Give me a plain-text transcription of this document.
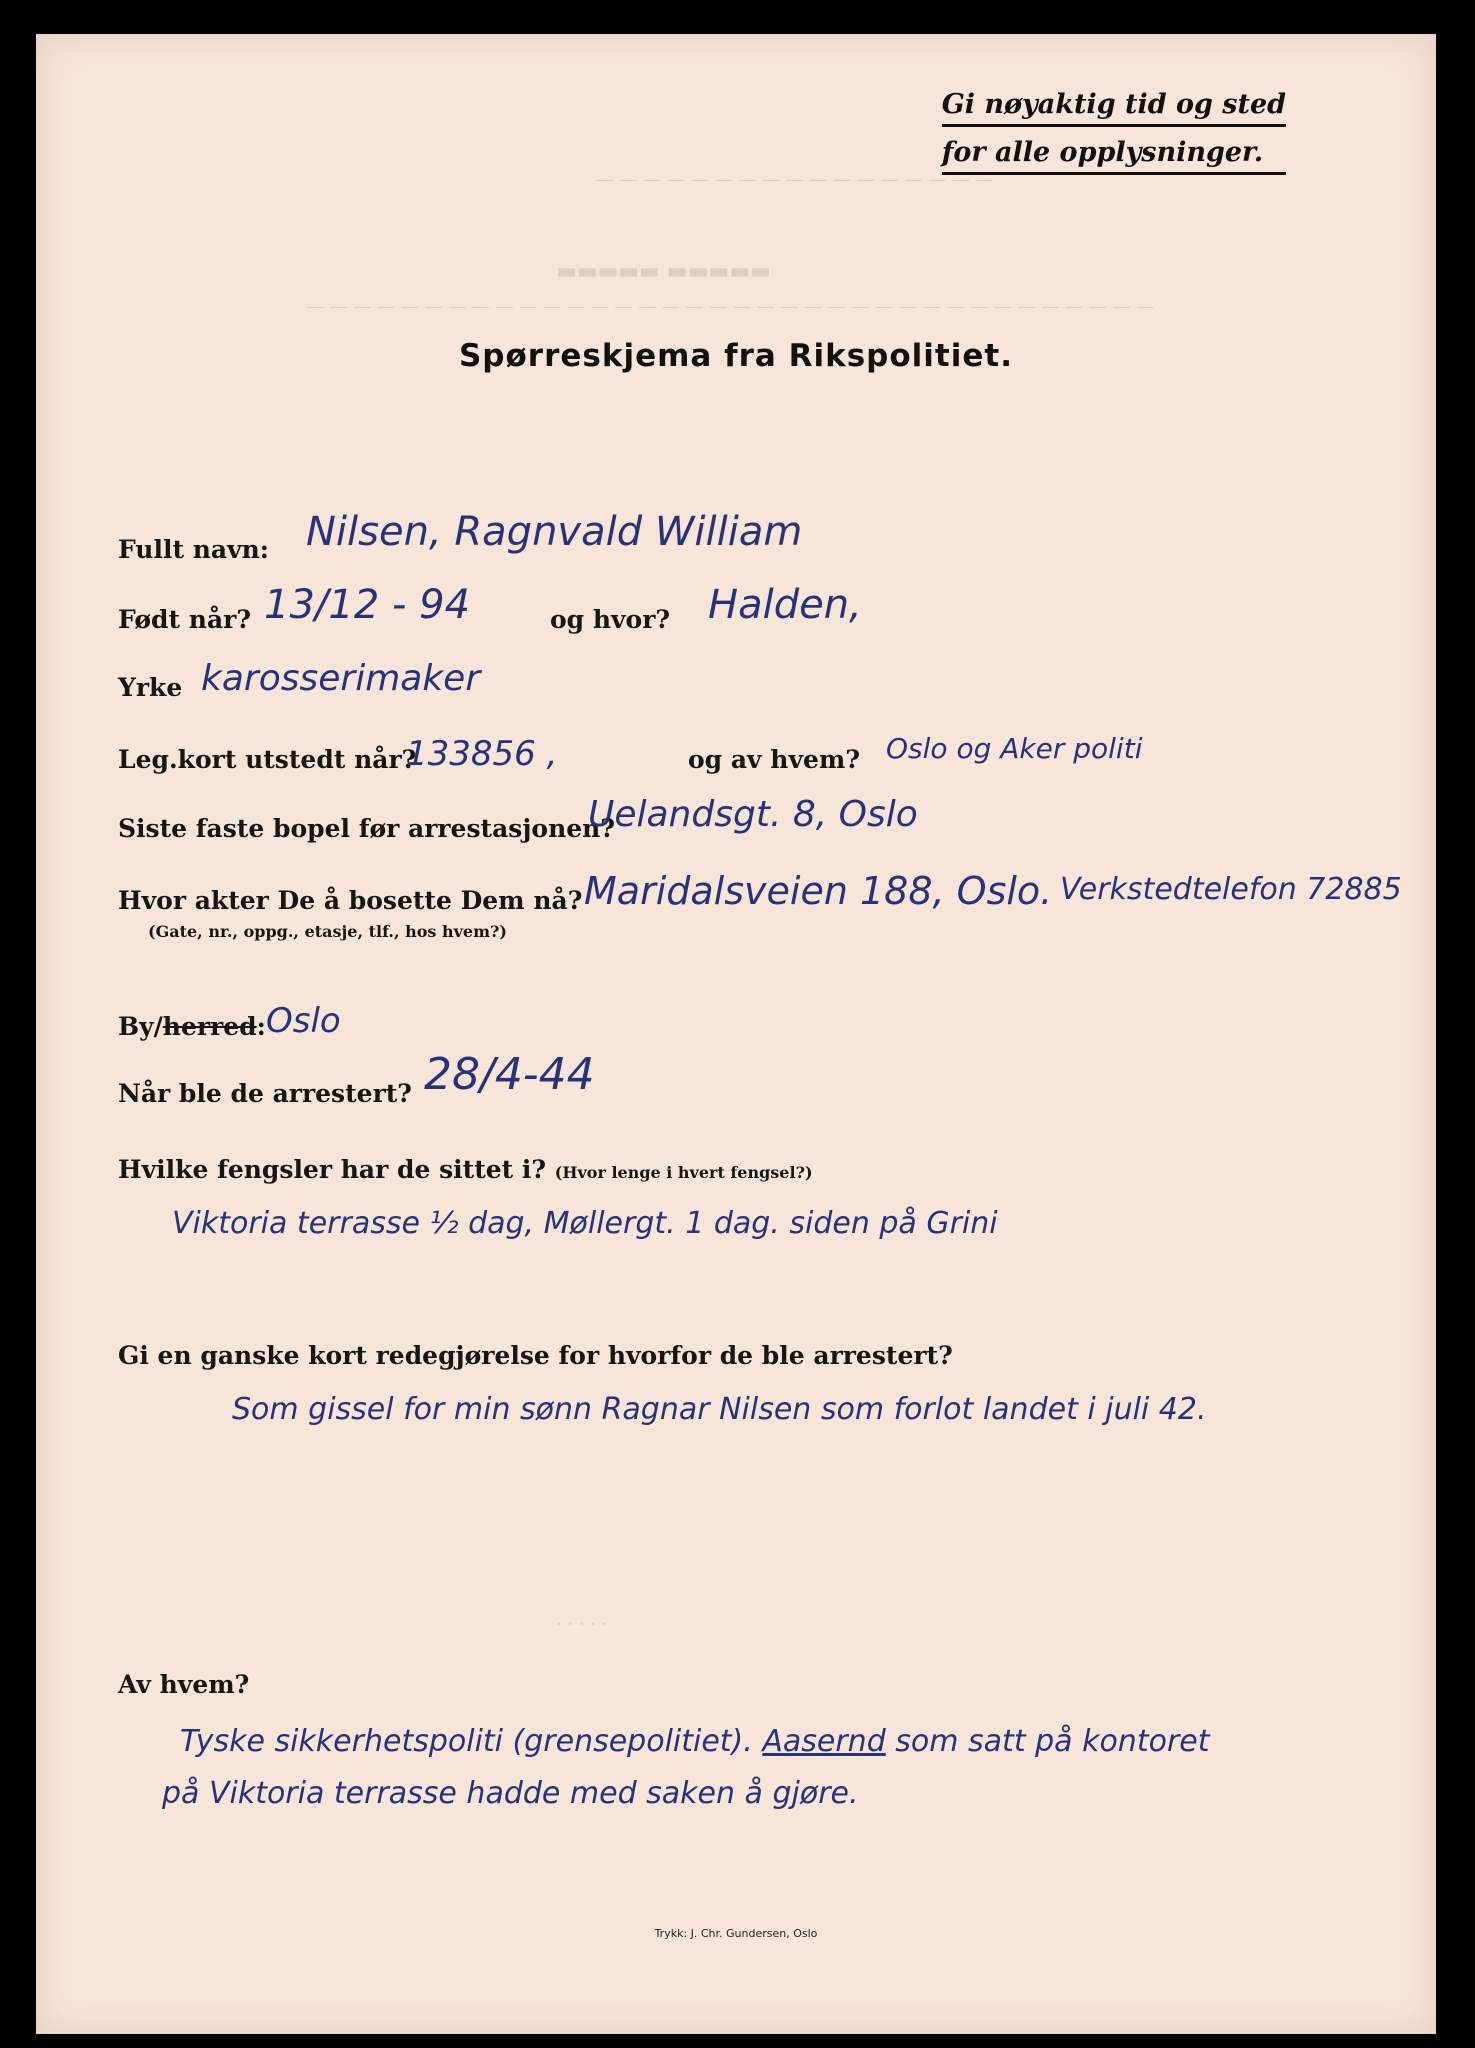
— — — — — — — — — — — — — — — — —
▬▬▬▬▬ ▬▬▬▬▬
— — — — — — — — — — — — — — — — — — — — — — — — — — — — — — — — — — — —
Gi nøyaktig tid og sted
for alle opplysninger.
Spørreskjema fra Rikspolitiet.
Fullt navn: Nilsen, Ragnvald William
Født når? 13/12 - 94	og hvor? Halden,
Yrke karosserimaker
Leg.kort utstedt når?
133856 ,	og av hvem? Oslo og Aker politi
Siste faste bopel før arrestasjonen?
Uelandsgt. 8, Oslo
Hvor akter De å bosette Dem nå?
(Gate, nr., oppg., etasje, tlf., hos hvem?)
Maridalsveien 188, Oslo. Verkstedtelefon 72885
By/herred: Oslo
Når ble de arrestert? 28/4-44
Hvilke fengsler har de sittet i? (Hvor lenge i hvert fengsel?)
Viktoria terrasse ½ dag, Møllergt. 1 dag. siden på Grini
Gi en ganske kort redegjørelse for hvorfor de ble arrestert?
Som gissel for min sønn Ragnar Nilsen som forlot landet i juli 42.
· · · · ·
Av hvem?
Tyske sikkerhetspoliti (grensepolitiet). Aasernd som satt på kontoret
på Viktoria terrasse hadde med saken å gjøre.
Trykk: J. Chr. Gundersen, Oslo
